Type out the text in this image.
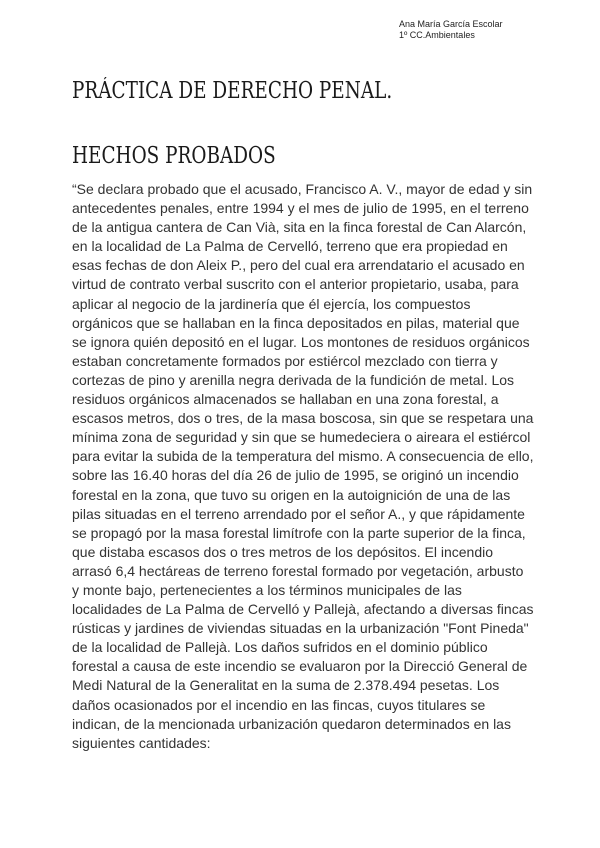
Ana María García Escolar
1º CC.Ambientales
PRÁCTICA DE DERECHO PENAL.
HECHOS PROBADOS

“Se declara probado que el acusado, Francisco A. V., mayor de edad y sin antecedentes penales, entre 1994 y el mes de julio de 1995, en el terreno de la antigua cantera de Can Vià, sita en la finca forestal de Can Alarcón, en la localidad de La Palma de Cervelló, terreno que era propiedad en esas fechas de don Aleix P., pero del cual era arrendatario el acusado en virtud de contrato verbal suscrito con el anterior propietario, usaba, para aplicar al negocio de la jardinería que él ejercía, los compuestos orgánicos que se hallaban en la finca depositados en pilas, material que se ignora quién depositó en el lugar. Los montones de residuos orgánicos estaban concretamente formados por estiércol mezclado con tierra y cortezas de pino y arenilla negra derivada de la fundición de metal. Los residuos orgánicos almacenados se hallaban en una zona forestal, a escasos metros, dos o tres, de la masa boscosa, sin que se respetara una mínima zona de seguridad y sin que se humedeciera o aireara el estiércol para evitar la subida de la temperatura del mismo. A consecuencia de ello, sobre las 16.40 horas del día 26 de julio de 1995, se originó un incendio forestal en la zona, que tuvo su origen en la autoignición de una de las pilas situadas en el terreno arrendado por el señor A., y que rápidamente se propagó por la masa forestal limítrofe con la parte superior de la finca, que distaba escasos dos o tres metros de los depósitos. El incendio arrasó 6,4 hectáreas de terreno forestal formado por vegetación, arbusto y monte bajo, pertenecientes a los términos municipales de las localidades de La Palma de Cervelló y Pallejà, afectando a diversas fincas rústicas y jardines de viviendas situadas en la urbanización "Font Pineda" de la localidad de Pallejà. Los daños sufridos en el dominio público forestal a causa de este incendio se evaluaron por la Direcció General de Medi Natural de la Generalitat en la suma de 2.378.494 pesetas. Los daños ocasionados por el incendio en las fincas, cuyos titulares se indican, de la mencionada urbanización quedaron determinados en las siguientes cantidades:
